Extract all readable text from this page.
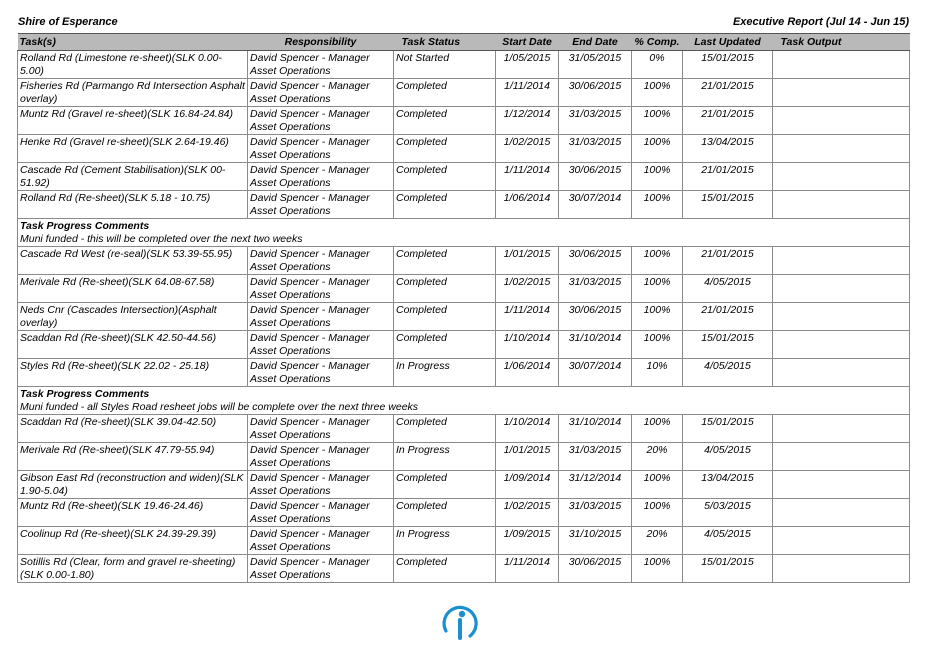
Shire of Esperance	Executive Report (Jul 14 - Jun 15)
Task(s)	Responsibility	Task Status	Start Date	End Date	% Comp.	Last Updated	Task Output
Rolland Rd (Limestone re-sheet)(SLK 0.00-5.00)	David Spencer - Manager Asset Operations	Not Started	1/05/2015	31/05/2015	0%	15/01/2015	
Fisheries Rd (Parmango Rd Intersection Asphalt overlay)	David Spencer - Manager Asset Operations	Completed	1/11/2014	30/06/2015	100%	21/01/2015	
Muntz Rd (Gravel re-sheet)(SLK 16.84-24.84)	David Spencer - Manager Asset Operations	Completed	1/12/2014	31/03/2015	100%	21/01/2015	
Henke Rd (Gravel re-sheet)(SLK 2.64-19.46)	David Spencer - Manager Asset Operations	Completed	1/02/2015	31/03/2015	100%	13/04/2015	
Cascade Rd (Cement Stabilisation)(SLK 00-51.92)	David Spencer - Manager Asset Operations	Completed	1/11/2014	30/06/2015	100%	21/01/2015	
Rolland Rd (Re-sheet)(SLK 5.18 - 10.75)	David Spencer - Manager Asset Operations	Completed	1/06/2014	30/07/2014	100%	15/01/2015	

Task Progress Comments
Muni funded - this will be completed over the next two weeks							

Cascade Rd West (re-seal)(SLK 53.39-55.95)	David Spencer - Manager Asset Operations	Completed	1/01/2015	30/06/2015	100%	21/01/2015	
Merivale Rd (Re-sheet)(SLK 64.08-67.58)	David Spencer - Manager Asset Operations	Completed	1/02/2015	31/03/2015	100%	4/05/2015	
Neds Cnr (Cascades Intersection)(Asphalt overlay)	David Spencer - Manager Asset Operations	Completed	1/11/2014	30/06/2015	100%	21/01/2015	
Scaddan Rd (Re-sheet)(SLK 42.50-44.56)	David Spencer - Manager Asset Operations	Completed	1/10/2014	31/10/2014	100%	15/01/2015	
Styles Rd (Re-sheet)(SLK 22.02 - 25.18)	David Spencer - Manager Asset Operations	In Progress	1/06/2014	30/07/2014	10%	4/05/2015	

Task Progress Comments
Muni funded - all Styles Road resheet jobs will be complete over the next three weeks							

Scaddan Rd (Re-sheet)(SLK 39.04-42.50)	David Spencer - Manager Asset Operations	Completed	1/10/2014	31/10/2014	100%	15/01/2015	
Merivale Rd (Re-sheet)(SLK 47.79-55.94)	David Spencer - Manager Asset Operations	In Progress	1/01/2015	31/03/2015	20%	4/05/2015	
Gibson East Rd (reconstruction and widen)(SLK 1.90-5.04)	David Spencer - Manager Asset Operations	Completed	1/09/2014	31/12/2014	100%	13/04/2015	
Muntz Rd (Re-sheet)(SLK 19.46-24.46)	David Spencer - Manager Asset Operations	Completed	1/02/2015	31/03/2015	100%	5/03/2015	
Coolinup Rd (Re-sheet)(SLK 24.39-29.39)	David Spencer - Manager Asset Operations	In Progress	1/09/2015	31/10/2015	20%	4/05/2015	
Sotillis Rd (Clear, form and gravel re-sheeting)(SLK 0.00-1.80)	David Spencer - Manager Asset Operations	Completed	1/11/2014	30/06/2015	100%	15/01/2015	
